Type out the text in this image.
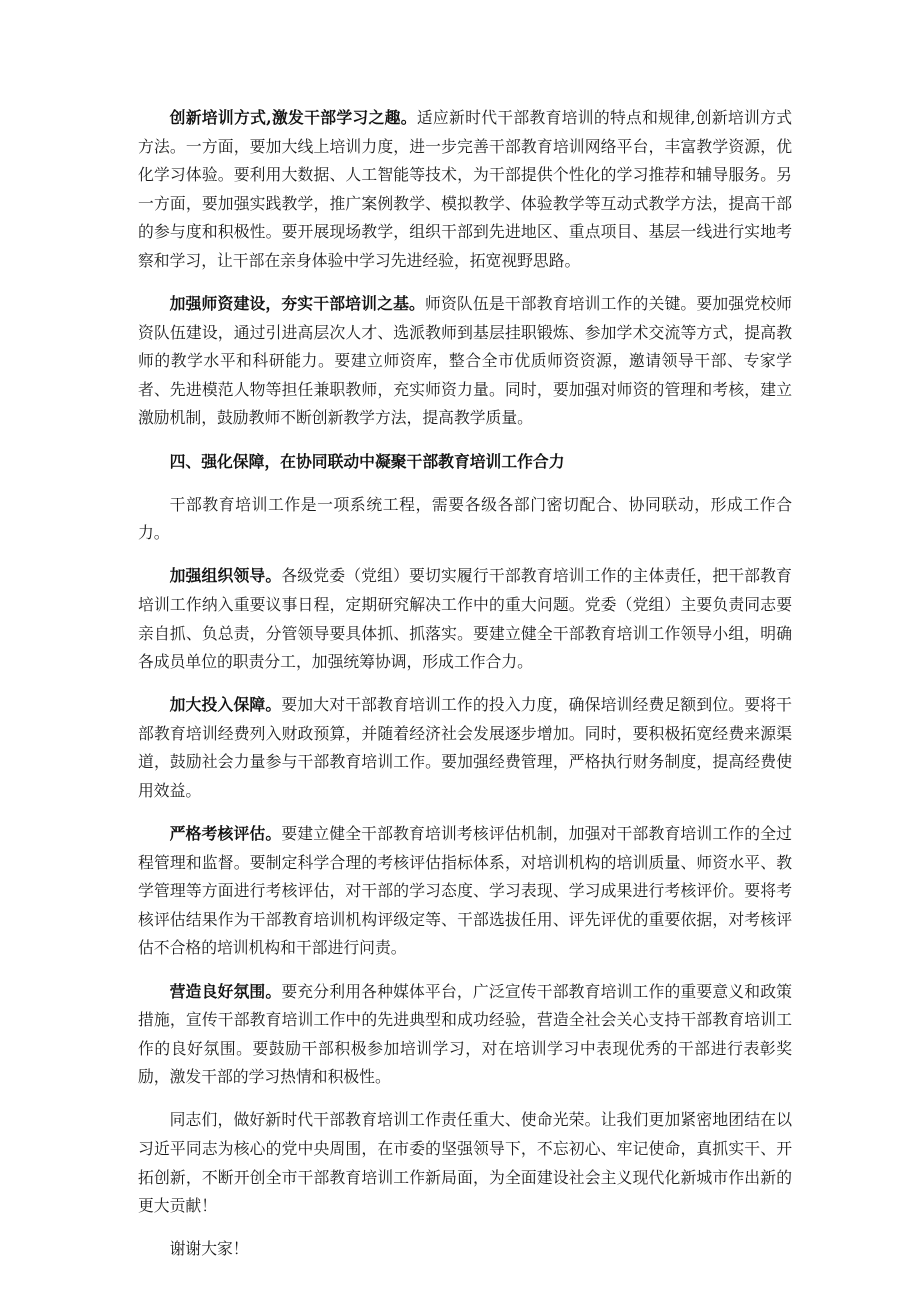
创新培训方式,激发干部学习之趣。适应新时代干部教育培训的特点和规律,创新培训方式方法。一方面，要加大线上培训力度，进一步完善干部教育培训网络平台，丰富教学资源，优化学习体验。要利用大数据、人工智能等技术，为干部提供个性化的学习推荐和辅导服务。另一方面，要加强实践教学，推广案例教学、模拟教学、体验教学等互动式教学方法，提高干部的参与度和积极性。要开展现场教学，组织干部到先进地区、重点项目、基层一线进行实地考察和学习，让干部在亲身体验中学习先进经验，拓宽视野思路。

加强师资建设，夯实干部培训之基。师资队伍是干部教育培训工作的关键。要加强党校师资队伍建设，通过引进高层次人才、选派教师到基层挂职锻炼、参加学术交流等方式，提高教师的教学水平和科研能力。要建立师资库，整合全市优质师资资源，邀请领导干部、专家学者、先进模范人物等担任兼职教师，充实师资力量。同时，要加强对师资的管理和考核，建立激励机制，鼓励教师不断创新教学方法，提高教学质量。

四、强化保障，在协同联动中凝聚干部教育培训工作合力

干部教育培训工作是一项系统工程，需要各级各部门密切配合、协同联动，形成工作合力。

加强组织领导。各级党委（党组）要切实履行干部教育培训工作的主体责任，把干部教育培训工作纳入重要议事日程，定期研究解决工作中的重大问题。党委（党组）主要负责同志要亲自抓、负总责，分管领导要具体抓、抓落实。要建立健全干部教育培训工作领导小组，明确各成员单位的职责分工，加强统筹协调，形成工作合力。

加大投入保障。要加大对干部教育培训工作的投入力度，确保培训经费足额到位。要将干部教育培训经费列入财政预算，并随着经济社会发展逐步增加。同时，要积极拓宽经费来源渠道，鼓励社会力量参与干部教育培训工作。要加强经费管理，严格执行财务制度，提高经费使用效益。

严格考核评估。要建立健全干部教育培训考核评估机制，加强对干部教育培训工作的全过程管理和监督。要制定科学合理的考核评估指标体系，对培训机构的培训质量、师资水平、教学管理等方面进行考核评估，对干部的学习态度、学习表现、学习成果进行考核评价。要将考核评估结果作为干部教育培训机构评级定等、干部选拔任用、评先评优的重要依据，对考核评估不合格的培训机构和干部进行问责。

营造良好氛围。要充分利用各种媒体平台，广泛宣传干部教育培训工作的重要意义和政策措施，宣传干部教育培训工作中的先进典型和成功经验，营造全社会关心支持干部教育培训工作的良好氛围。要鼓励干部积极参加培训学习，对在培训学习中表现优秀的干部进行表彰奖励，激发干部的学习热情和积极性。

同志们，做好新时代干部教育培训工作责任重大、使命光荣。让我们更加紧密地团结在以习近平同志为核心的党中央周围，在市委的坚强领导下，不忘初心、牢记使命，真抓实干、开拓创新，不断开创全市干部教育培训工作新局面，为全面建设社会主义现代化新城市作出新的更大贡献！

谢谢大家！
